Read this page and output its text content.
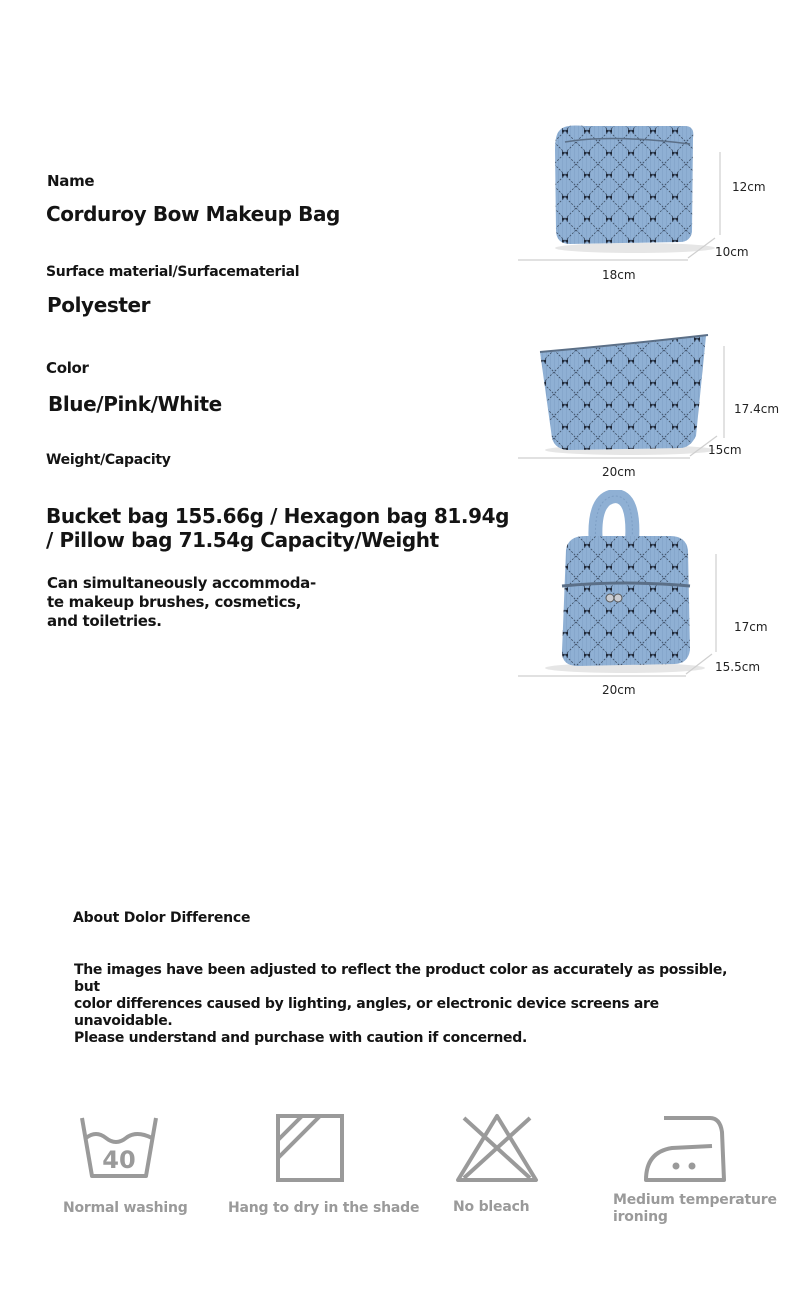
Name
Corduroy Bow Makeup Bag
Surface material/Surfacematerial
Polyester
Color
Blue/Pink/White
Weight/Capacity
Bucket bag 155.66g / Hexagon bag 81.94g / Pillow bag 71.54g Capacity/Weight
Can simultaneously accommoda-
te makeup brushes, cosmetics,
and toiletries.
12cm
10cm
18cm
17.4cm
15cm
20cm
17cm
15.5cm
20cm
About Dolor Difference
The images have been adjusted to reflect the product color as accurately as possible, but
color differences caused by lighting, angles, or electronic device screens are unavoidable.
Please understand and purchase with caution if concerned.
40
Normal washing	Hang to dry in the shade No bleach	Medium temperature
ironing
